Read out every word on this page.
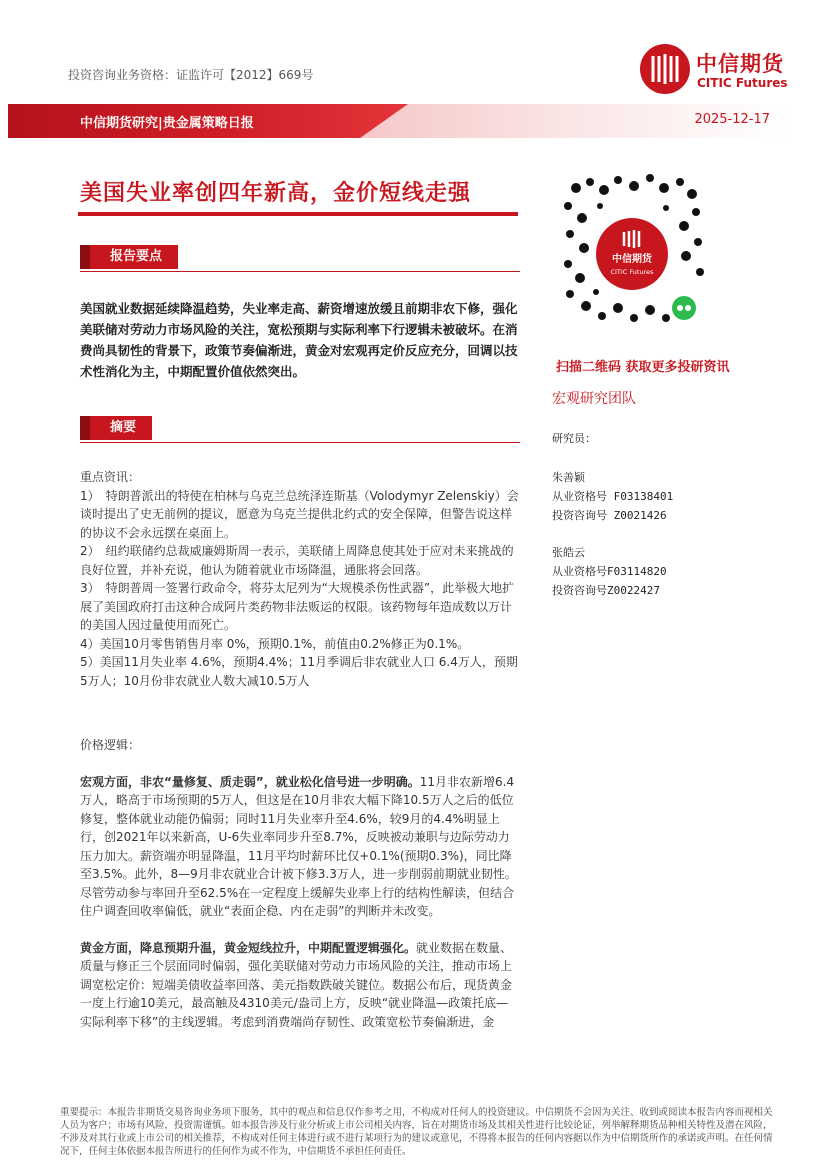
投资咨询业务资格：证监许可【2012】669号	中信期货
CITIC Futures
中信期货研究|贵金属策略日报	2025-12-17
美国失业率创四年新高，金价短线走强
报告要点
美国就业数据延续降温趋势，失业率走高、薪资增速放缓且前期非农下修，强化美联储对劳动力市场风险的关注，宽松预期与实际利率下行逻辑未被破坏。在消费尚具韧性的背景下，政策节奏偏渐进，黄金对宏观再定价反应充分，回调以技术性消化为主，中期配置价值依然突出。
摘要

重点资讯：

1）　特朗普派出的特使在柏林与乌克兰总统泽连斯基（Volodymyr Zelenskiy）会谈时提出了史无前例的提议，愿意为乌克兰提供北约式的安全保障，但警告说这样的协议不会永远摆在桌面上。

2）　纽约联储约总裁威廉姆斯周一表示，美联储上周降息使其处于应对未来挑战的良好位置，并补充说，他认为随着就业市场降温，通胀将会回落。

3）　特朗普周一签署行政命令，将芬太尼列为“大规模杀伤性武器”，此举极大地扩展了美国政府打击这种合成阿片类药物非法贩运的权限。该药物每年造成数以万计的美国人因过量使用而死亡。

4）美国10月零售销售月率 0%，预期0.1%，前值由0.2%修正为0.1%。

5）美国11月失业率 4.6%，预期4.4%；11月季调后非农就业人口 6.4万人，预期5万人；10月份非农就业人数大减10.5万人

价格逻辑：

宏观方面，非农“量修复、质走弱”，就业松化信号进一步明确。11月非农新增6.4万人，略高于市场预期的5万人，但这是在10月非农大幅下降10.5万人之后的低位修复，整体就业动能仍偏弱；同时11月失业率升至4.6%，较9月的4.4%明显上行，创2021年以来新高，U-6失业率同步升至8.7%，反映被动兼职与边际劳动力压力加大。薪资端亦明显降温，11月平均时薪环比仅+0.1%(预期0.3%)，同比降至3.5%。此外，8—9月非农就业合计被下修3.3万人，进一步削弱前期就业韧性。尽管劳动参与率回升至62.5%在一定程度上缓解失业率上行的结构性解读，但结合住户调查回收率偏低，就业“表面企稳、内在走弱”的判断并未改变。

黄金方面，降息预期升温，黄金短线拉升，中期配置逻辑强化。就业数据在数量、质量与修正三个层面同时偏弱，强化美联储对劳动力市场风险的关注，推动市场上调宽松定价：短端美债收益率回落、美元指数跌破关键位。数据公布后，现货黄金一度上行逾10美元，最高触及4310美元/盎司上方，反映“就业降温—政策托底—实际利率下移”的主线逻辑。考虑到消费端尚存韧性、政策宽松节奏偏渐进，金

中信期货
CITIC Futures
扫描二维码 获取更多投研资讯
宏观研究团队
研究员：
朱善颖
从业资格号 F03138401
投资咨询号 Z0021426
张皓云
从业资格号F03114820
投资咨询号Z0022427
重要提示：本报告非期货交易咨询业务项下服务，其中的观点和信息仅作参考之用，不构成对任何人的投资建议。中信期货不会因为关注、收到或阅读本报告内容而视相关人员为客户；市场有风险，投资需谨慎。如本报告涉及行业分析或上市公司相关内容，旨在对期货市场及其相关性进行比较论证，列举解释期货品种相关特性及潜在风险，不涉及对其行业或上市公司的相关推荐，不构成对任何主体进行或不进行某项行为的建议或意见，不得将本报告的任何内容据以作为中信期货所作的承诺或声明。在任何情况下，任何主体依据本报告所进行的任何作为或不作为，中信期货不承担任何责任。
